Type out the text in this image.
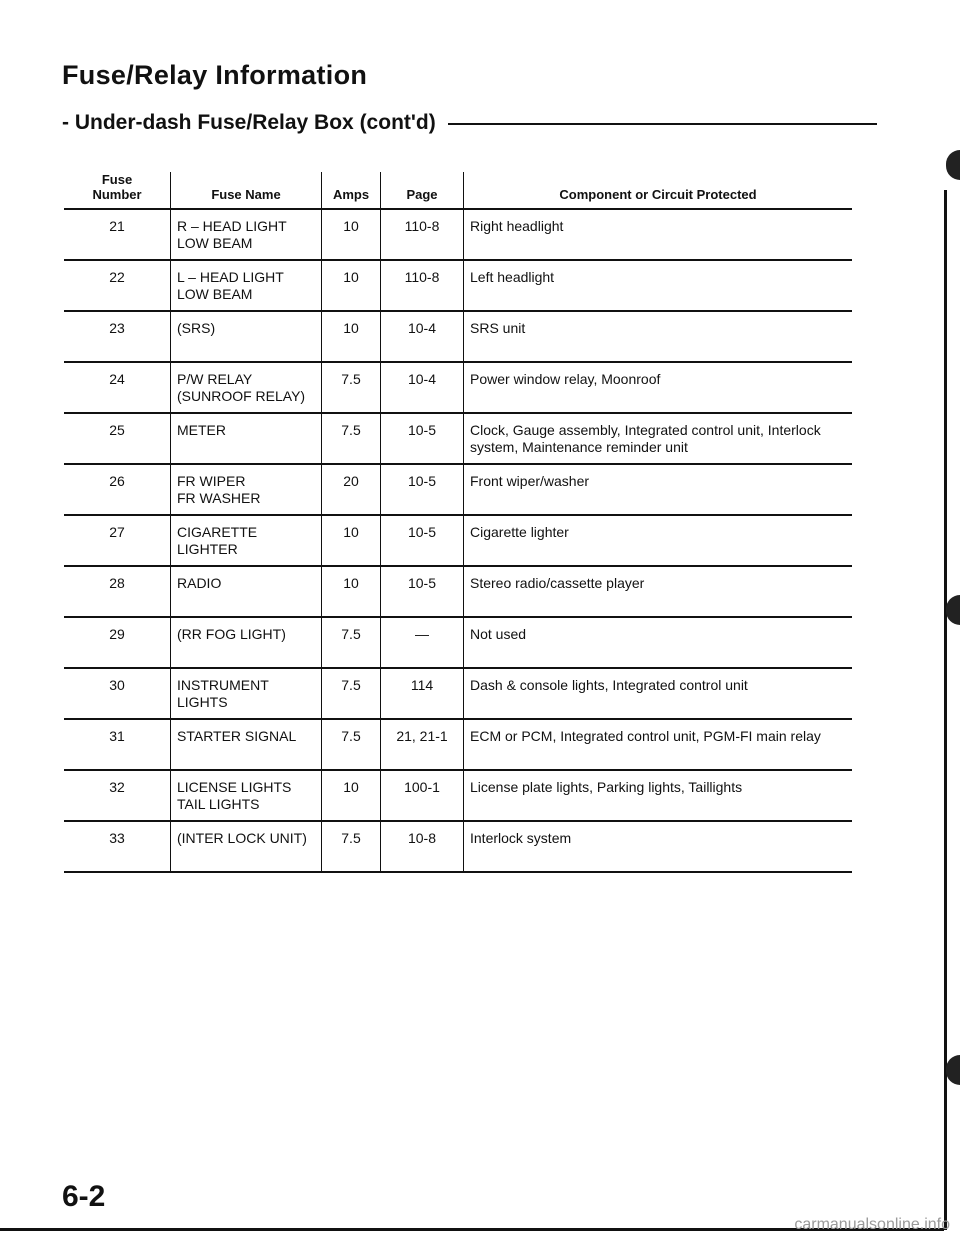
Fuse/Relay Information
- Under-dash Fuse/Relay Box (cont'd)
Fuse
Number	Fuse Name	Amps	Page	Component or Circuit Protected
21	R – HEAD LIGHT
LOW BEAM	10	110-8	Right headlight
22	L – HEAD LIGHT
LOW BEAM	10	110-8	Left headlight
23	(SRS)	10	10-4	SRS unit
24	P/W RELAY
(SUNROOF RELAY)	7.5	10-4	Power window relay, Moonroof
25	METER	7.5	10-5	Clock, Gauge assembly, Integrated control unit, Interlock system, Maintenance reminder unit
26	FR WIPER
FR WASHER	20	10-5	Front wiper/washer
27	CIGARETTE
LIGHTER	10	10-5	Cigarette lighter
28	RADIO	10	10-5	Stereo radio/cassette player
29	(RR FOG LIGHT)	7.5	—	Not used
30	INSTRUMENT
LIGHTS	7.5	114	Dash & console lights, Integrated control unit
31	STARTER SIGNAL	7.5	21, 21-1	ECM or PCM, Integrated control unit, PGM-FI main relay
32	LICENSE LIGHTS
TAIL LIGHTS	10	100-1	License plate lights, Parking lights, Taillights
33	(INTER LOCK UNIT)	7.5	10-8	Interlock system
6-2
carmanualsonline.info
